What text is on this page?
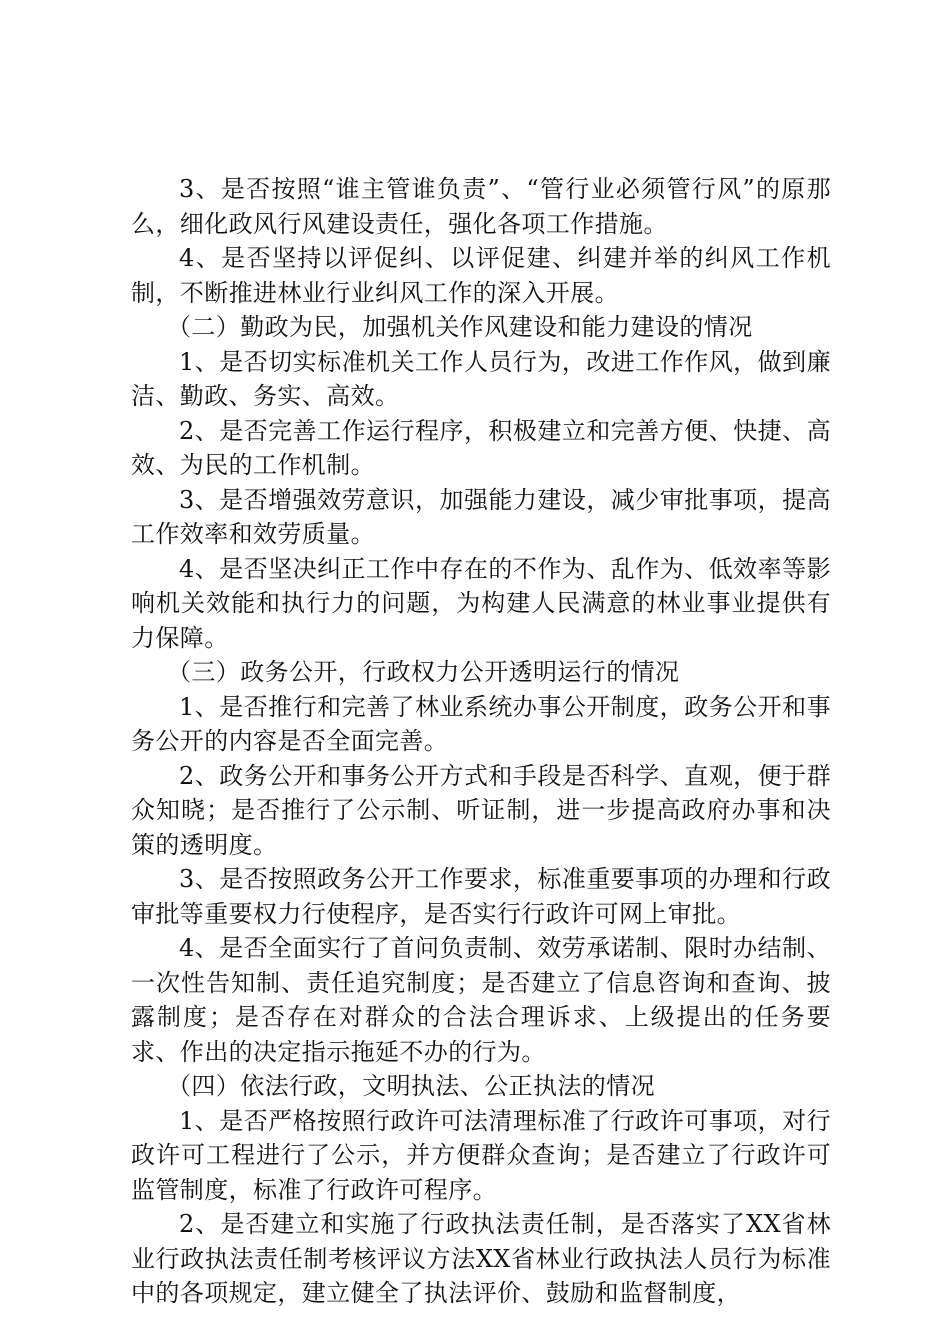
3、是否按照“谁主管谁负责”、“管行业必须管行风”的原那么，细化政风行风建设责任，强化各项工作措施。

4、是否坚持以评促纠、以评促建、纠建并举的纠风工作机制，不断推进林业行业纠风工作的深入开展。

（二）勤政为民，加强机关作风建设和能力建设的情况

1、是否切实标准机关工作人员行为，改进工作作风，做到廉洁、勤政、务实、高效。

2、是否完善工作运行程序，积极建立和完善方便、快捷、高效、为民的工作机制。

3、是否增强效劳意识，加强能力建设，减少审批事项，提高工作效率和效劳质量。

4、是否坚决纠正工作中存在的不作为、乱作为、低效率等影响机关效能和执行力的问题，为构建人民满意的林业事业提供有力保障。

（三）政务公开，行政权力公开透明运行的情况

1、是否推行和完善了林业系统办事公开制度，政务公开和事务公开的内容是否全面完善。

2、政务公开和事务公开方式和手段是否科学、直观，便于群众知晓；是否推行了公示制、听证制，进一步提高政府办事和决策的透明度。

3、是否按照政务公开工作要求，标准重要事项的办理和行政审批等重要权力行使程序，是否实行行政许可网上审批。

4、是否全面实行了首问负责制、效劳承诺制、限时办结制、一次性告知制、责任追究制度；是否建立了信息咨询和查询、披露制度；是否存在对群众的合法合理诉求、上级提出的任务要求、作出的决定指示拖延不办的行为。

（四）依法行政，文明执法、公正执法的情况

1、是否严格按照行政许可法清理标准了行政许可事项，对行政许可工程进行了公示，并方便群众查询；是否建立了行政许可监管制度，标准了行政许可程序。

2、是否建立和实施了行政执法责任制，是否落实了XX省林业行政执法责任制考核评议方法XX省林业行政执法人员行为标准中的各项规定，建立健全了执法评价、鼓励和监督制度，
